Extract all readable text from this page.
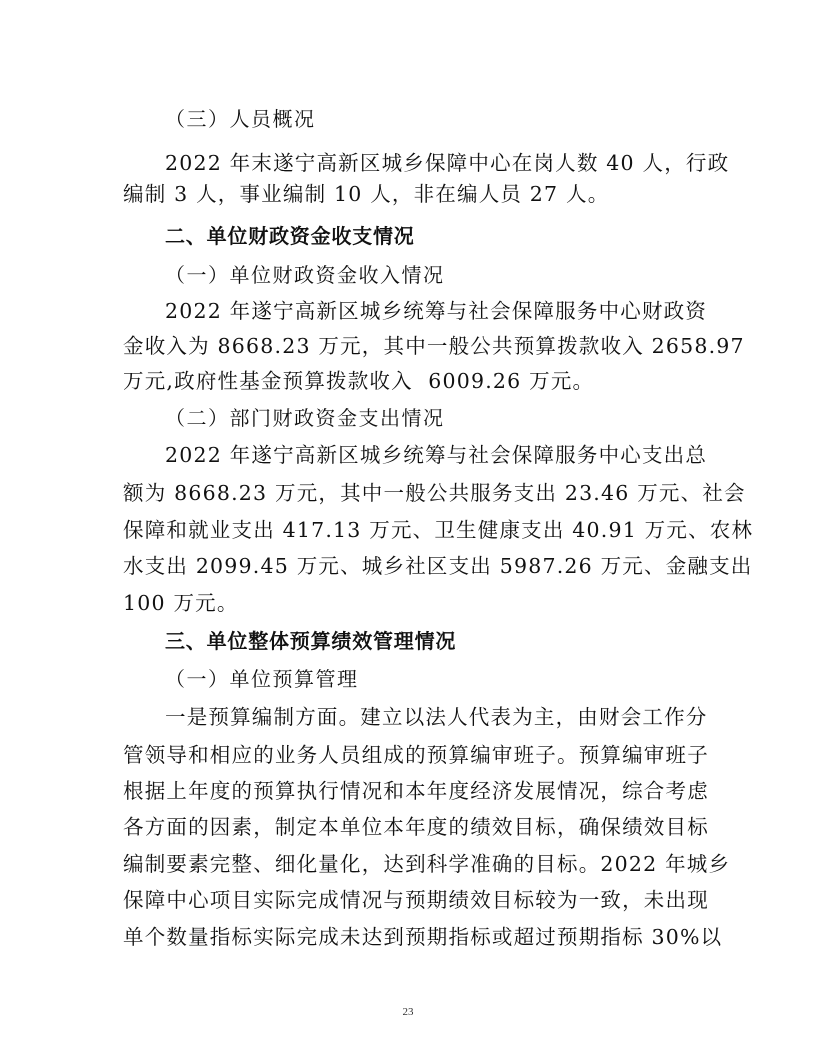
（三）人员概况
2022 年末遂宁高新区城乡保障中心在岗人数 40 人，行政
编制 3 人，事业编制 10 人，非在编人员 27 人。
二、单位财政资金收支情况
（一）单位财政资金收入情况
2022 年遂宁高新区城乡统筹与社会保障服务中心财政资
金收入为 8668.23 万元，其中一般公共预算拨款收入 2658.97
万元,政府性基金预算拨款收入  6009.26 万元。
（二）部门财政资金支出情况
2022 年遂宁高新区城乡统筹与社会保障服务中心支出总
额为 8668.23 万元，其中一般公共服务支出 23.46 万元、社会
保障和就业支出 417.13 万元、卫生健康支出 40.91 万元、农林
水支出 2099.45 万元、城乡社区支出 5987.26 万元、金融支出
100 万元。
三、单位整体预算绩效管理情况
（一）单位预算管理
一是预算编制方面。建立以法人代表为主，由财会工作分
管领导和相应的业务人员组成的预算编审班子。预算编审班子
根据上年度的预算执行情况和本年度经济发展情况，综合考虑
各方面的因素，制定本单位本年度的绩效目标，确保绩效目标
编制要素完整、细化量化，达到科学准确的目标。2022 年城乡
保障中心项目实际完成情况与预期绩效目标较为一致，未出现
单个数量指标实际完成未达到预期指标或超过预期指标 30%以
23
